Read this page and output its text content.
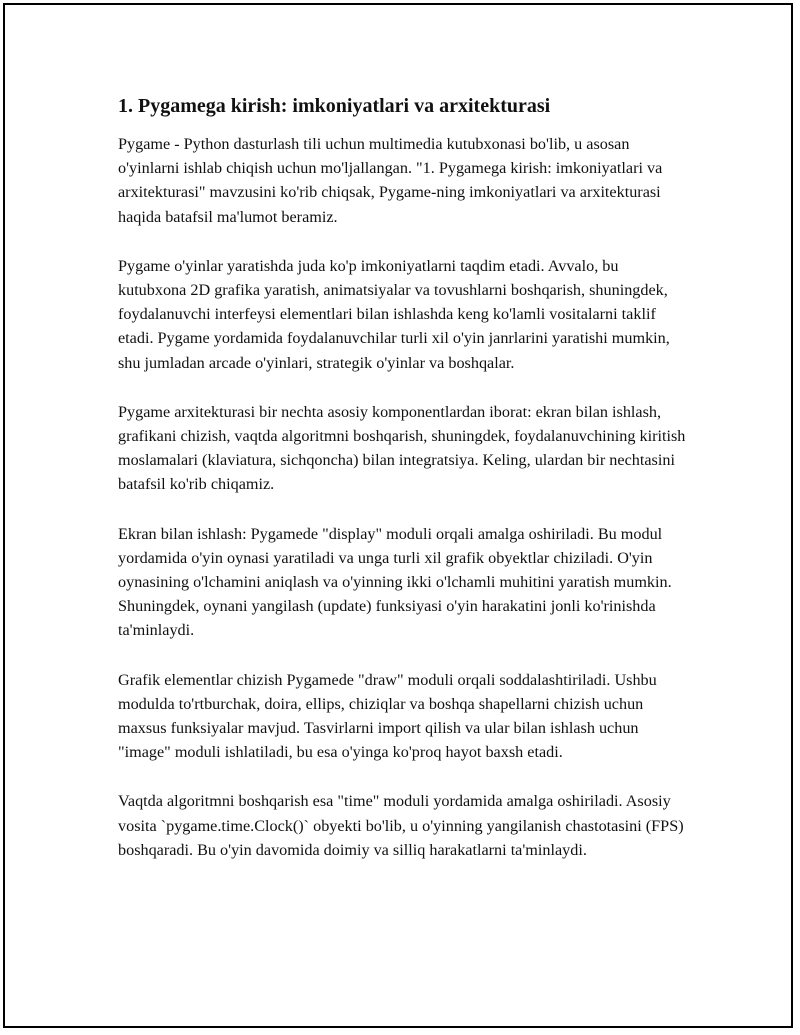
1. Pygamega kirish: imkoniyatlari va arxitekturasi

Pygame - Python dasturlash tili uchun multimedia kutubxonasi bo'lib, u asosan o'yinlarni ishlab chiqish uchun mo'ljallangan. "1. Pygamega kirish: imkoniyatlari va arxitekturasi" mavzusini ko'rib chiqsak, Pygame-ning imkoniyatlari va arxitekturasi haqida batafsil ma'lumot beramiz.

Pygame o'yinlar yaratishda juda ko'p imkoniyatlarni taqdim etadi. Avvalo, bu kutubxona 2D grafika yaratish, animatsiyalar va tovushlarni boshqarish, shuningdek, foydalanuvchi interfeysi elementlari bilan ishlashda keng ko'lamli vositalarni taklif etadi. Pygame yordamida foydalanuvchilar turli xil o'yin janrlarini yaratishi mumkin, shu jumladan arcade o'yinlari, strategik o'yinlar va boshqalar.

Pygame arxitekturasi bir nechta asosiy komponentlardan iborat: ekran bilan ishlash, grafikani chizish, vaqtda algoritmni boshqarish, shuningdek, foydalanuvchining kiritish moslamalari (klaviatura, sichqoncha) bilan integratsiya. Keling, ulardan bir nechtasini batafsil ko'rib chiqamiz.

Ekran bilan ishlash: Pygamede "display" moduli orqali amalga oshiriladi. Bu modul yordamida o'yin oynasi yaratiladi va unga turli xil grafik obyektlar chiziladi. O'yin oynasining o'lchamini aniqlash va o'yinning ikki o'lchamli muhitini yaratish mumkin. Shuningdek, oynani yangilash (update) funksiyasi o'yin harakatini jonli ko'rinishda ta'minlaydi.

Grafik elementlar chizish Pygamede "draw" moduli orqali soddalashtiriladi. Ushbu modulda to'rtburchak, doira, ellips, chiziqlar va boshqa shapellarni chizish uchun maxsus funksiyalar mavjud. Tasvirlarni import qilish va ular bilan ishlash uchun "image" moduli ishlatiladi, bu esa o'yinga ko'proq hayot baxsh etadi.

Vaqtda algoritmni boshqarish esa "time" moduli yordamida amalga oshiriladi. Asosiy vosita `pygame.time.Clock()` obyekti bo'lib, u o'yinning yangilanish chastotasini (FPS) boshqaradi. Bu o'yin davomida doimiy va silliq harakatlarni ta'minlaydi.
